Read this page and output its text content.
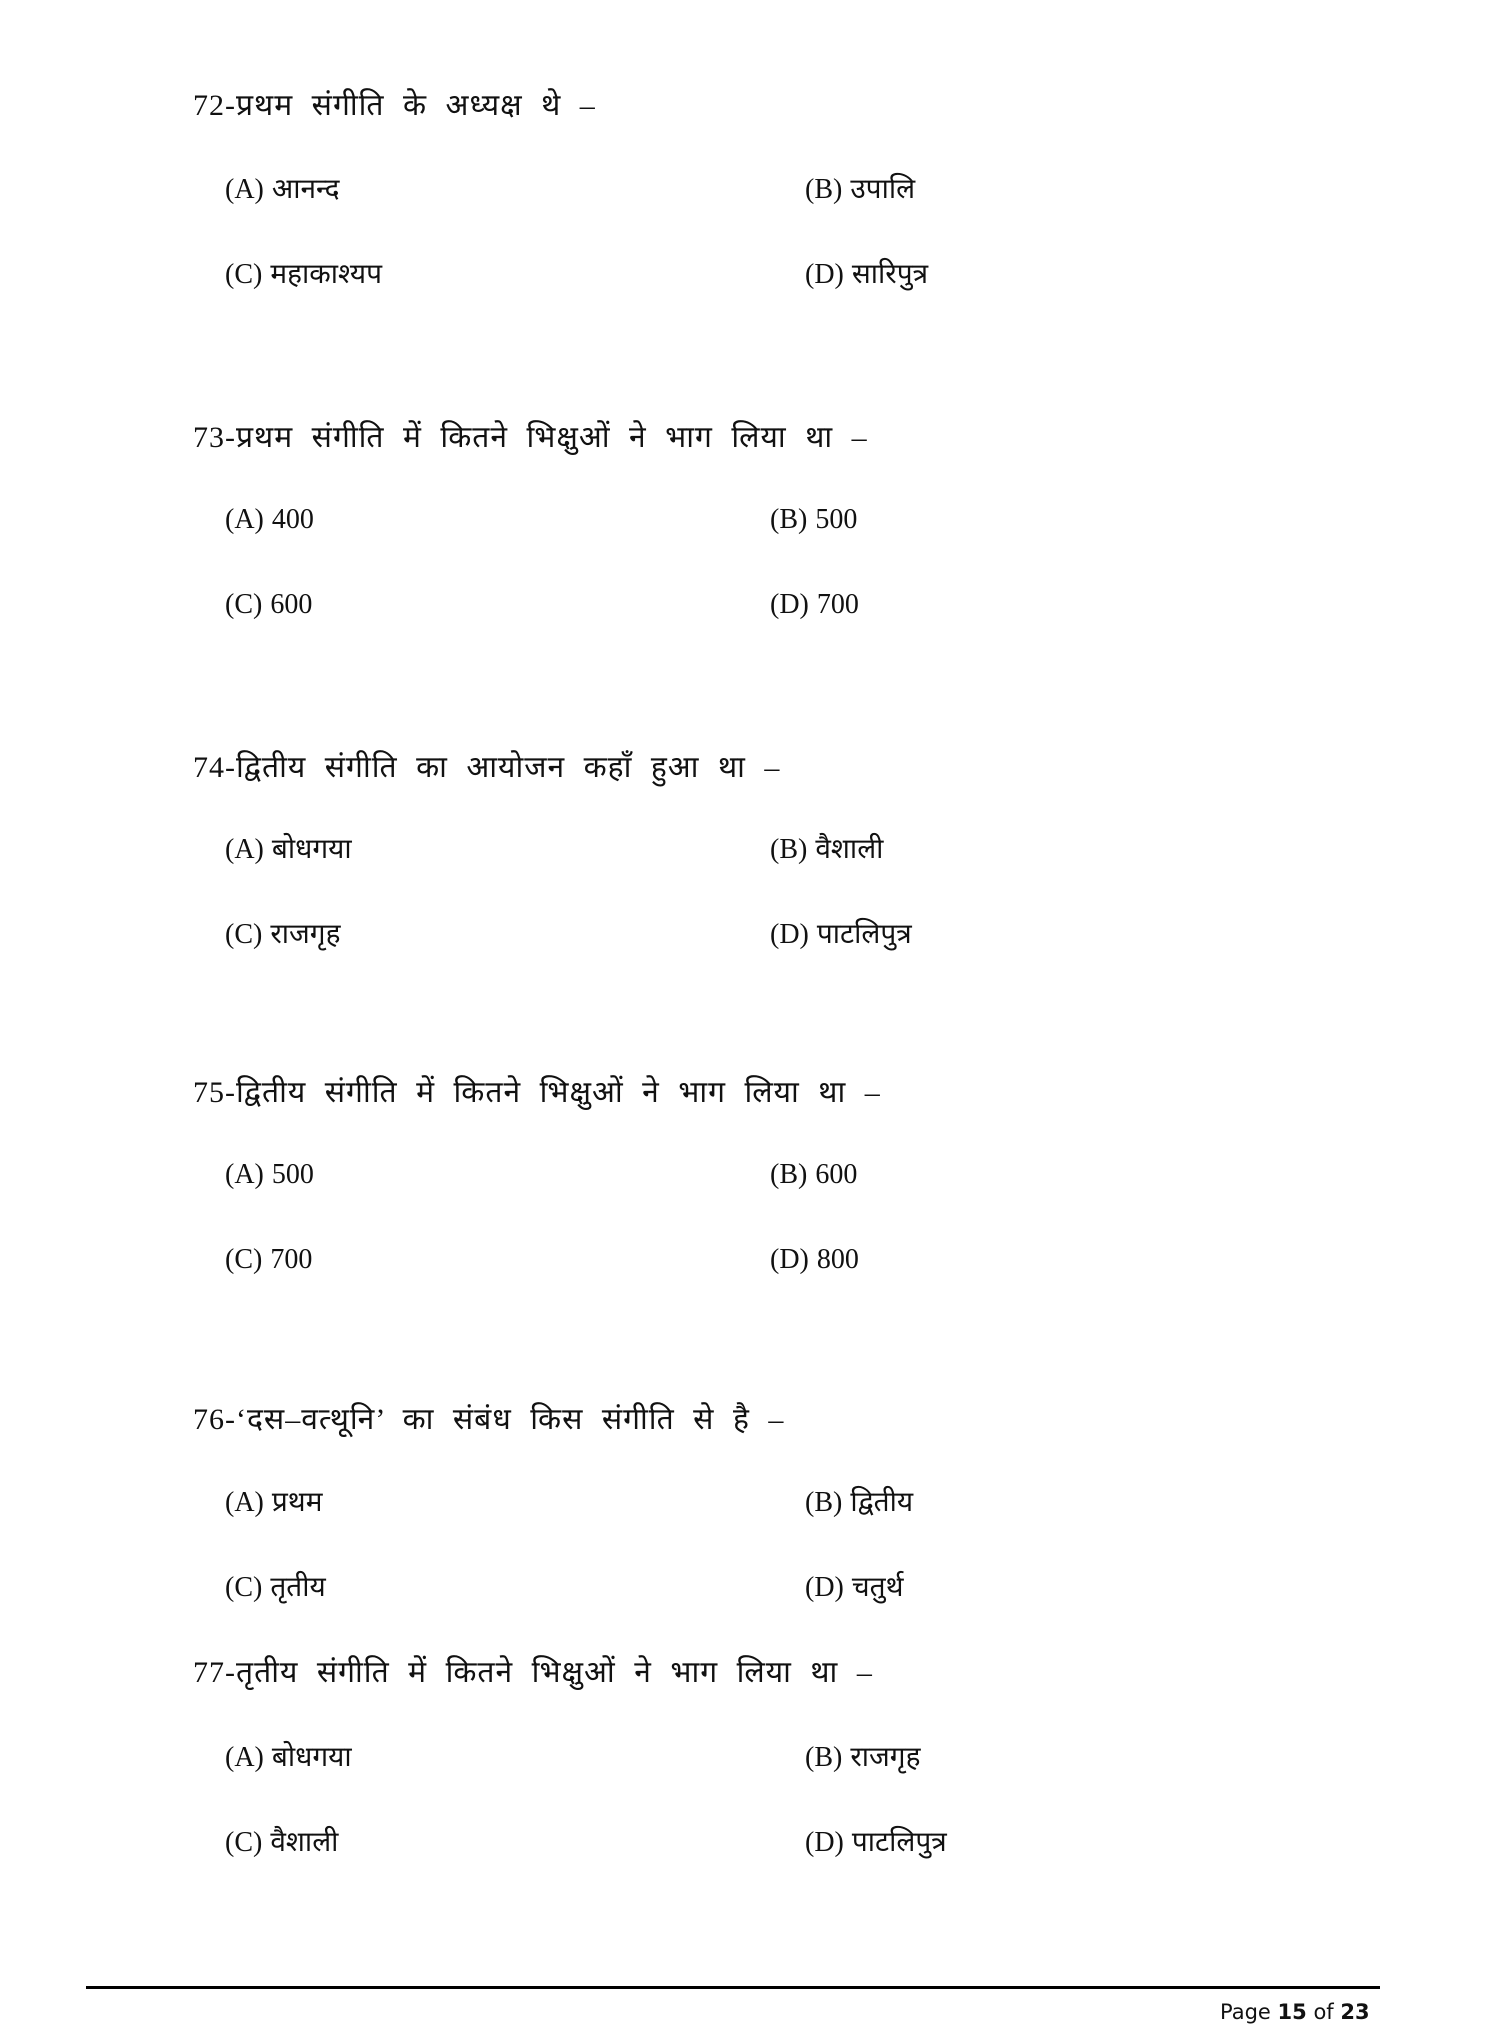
72-प्रथम संगीति के अध्यक्ष थे –
(A) आनन्द	(B) उपालि
(C) महाकाश्यप	(D) सारिपुत्र
73-प्रथम संगीति में कितने भिक्षुओं ने भाग लिया था –
(A) 400	(B) 500
(C) 600	(D) 700
74-द्वितीय संगीति का आयोजन कहाँ हुआ था –
(A) बोधगया	(B) वैशाली
(C) राजगृह	(D) पाटलिपुत्र
75-द्वितीय संगीति में कितने भिक्षुओं ने भाग लिया था –
(A) 500	(B) 600
(C) 700	(D) 800
76-‘दस–वत्थूनि’ का संबंध किस संगीति से है –
(A) प्रथम	(B) द्वितीय
(C) तृतीय	(D) चतुर्थ
77-तृतीय संगीति में कितने भिक्षुओं ने भाग लिया था –
(A) बोधगया	(B) राजगृह
(C) वैशाली	(D) पाटलिपुत्र
Page 15 of 23
